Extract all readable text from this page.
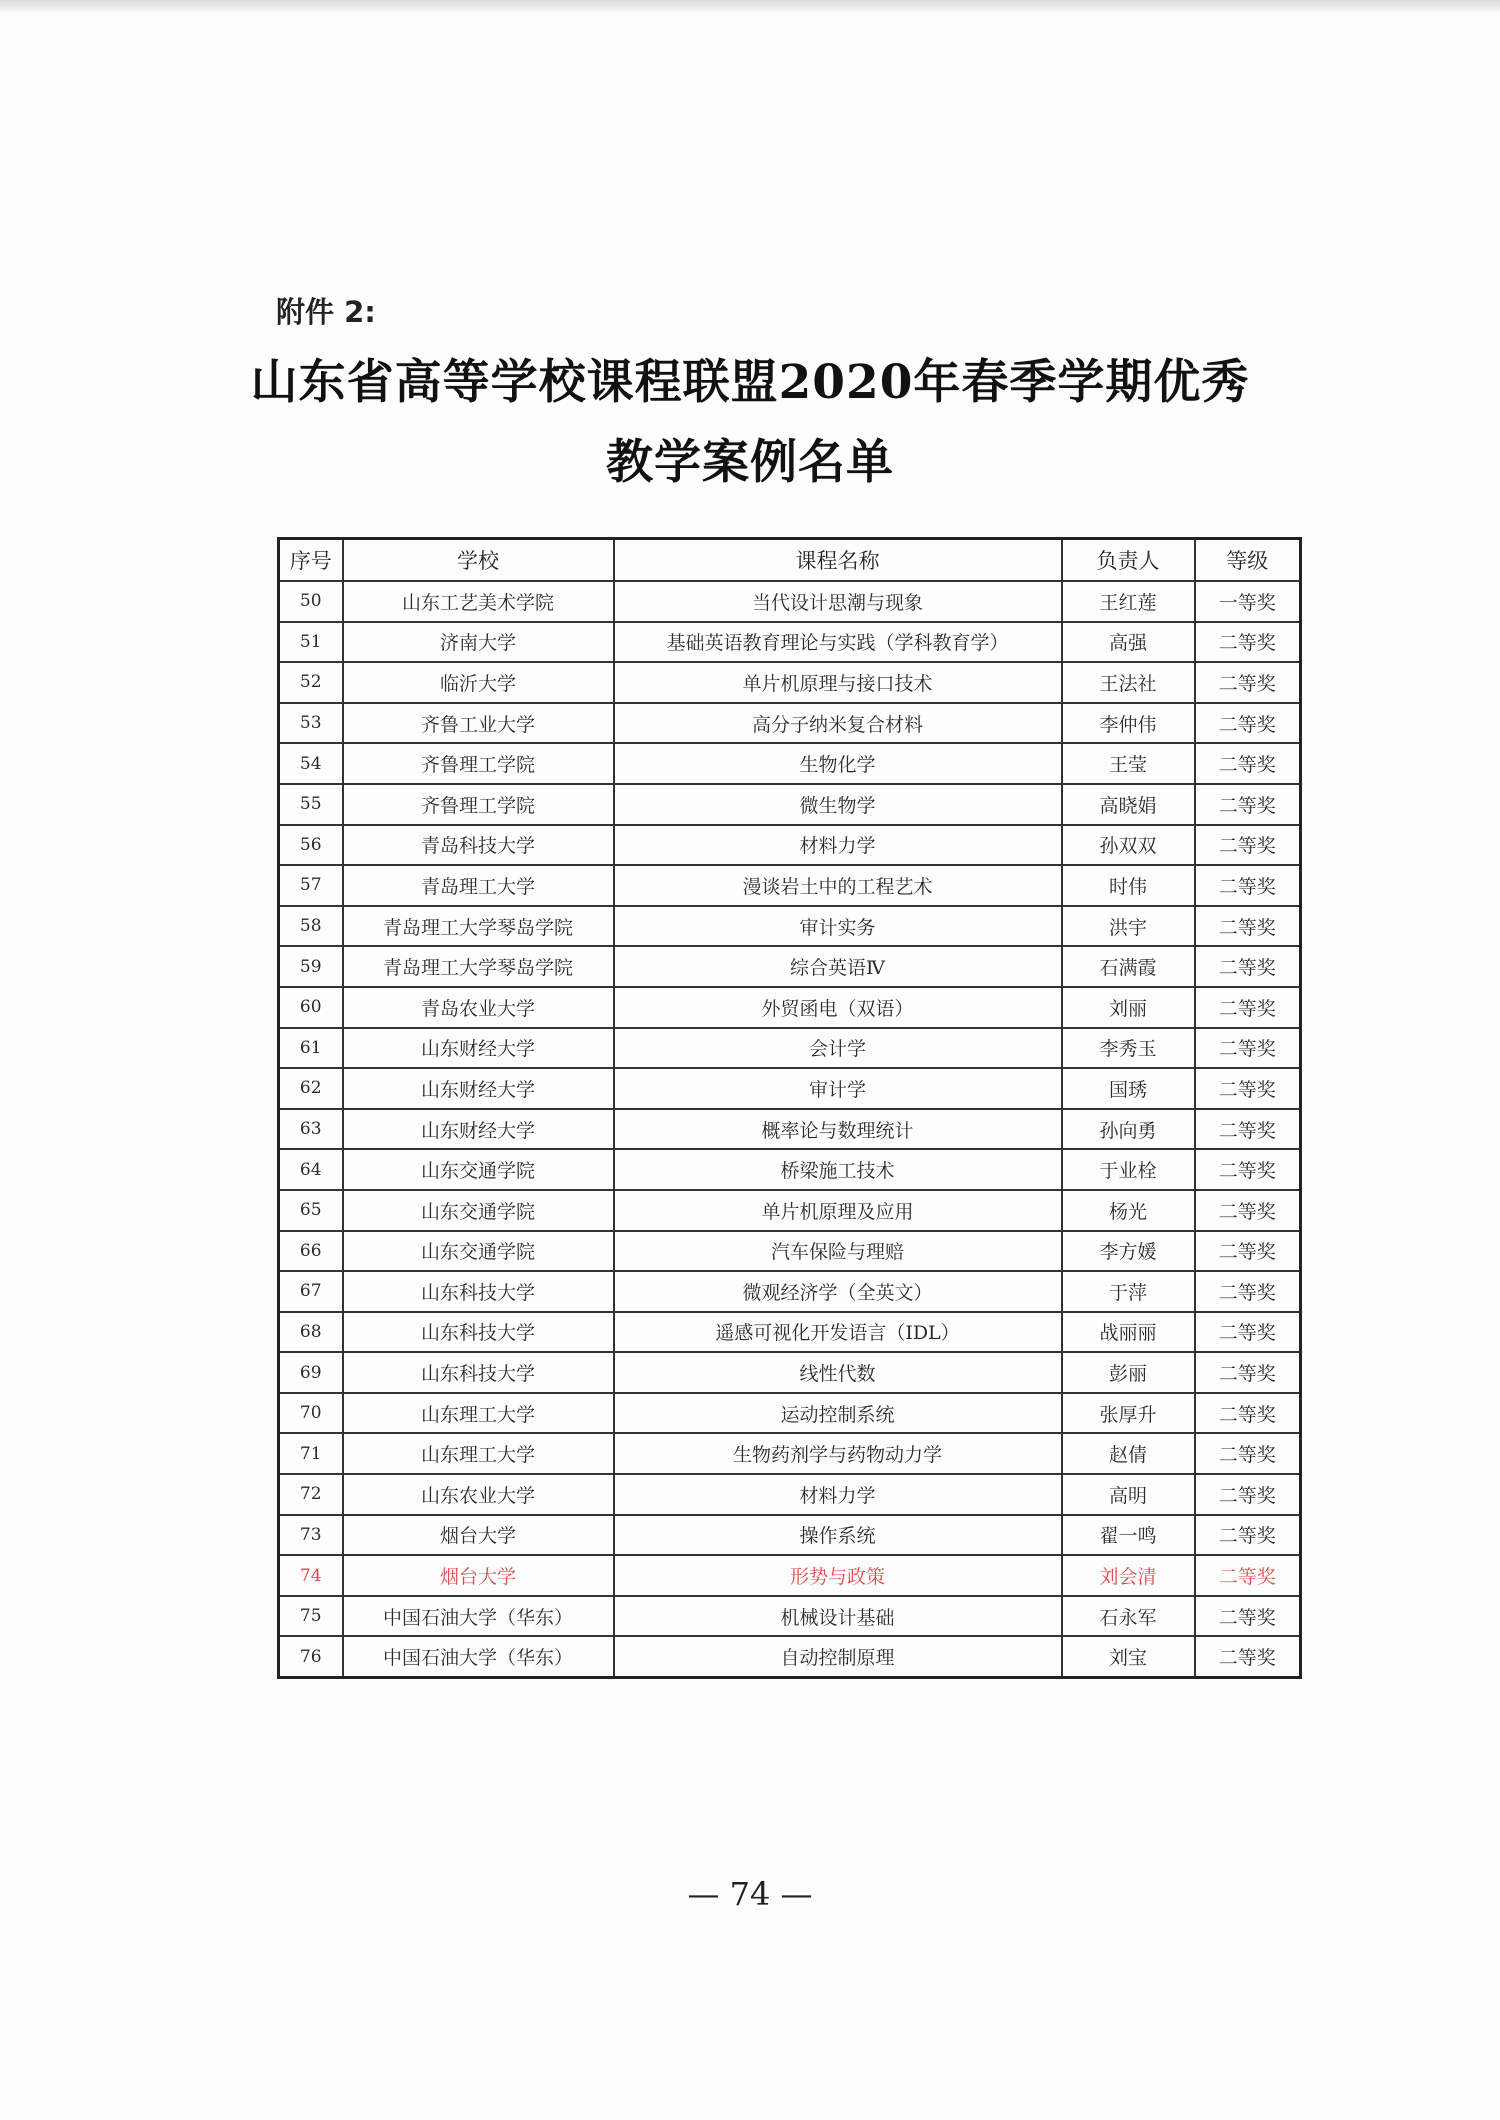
附件 2:
山东省高等学校课程联盟2020年春季学期优秀
教学案例名单
序号	学校	课程名称	负责人	等级
50	山东工艺美术学院	当代设计思潮与现象	王红莲	一等奖
51	济南大学	基础英语教育理论与实践（学科教育学）	高强	二等奖
52	临沂大学	单片机原理与接口技术	王法社	二等奖
53	齐鲁工业大学	高分子纳米复合材料	李仲伟	二等奖
54	齐鲁理工学院	生物化学	王莹	二等奖
55	齐鲁理工学院	微生物学	高晓娟	二等奖
56	青岛科技大学	材料力学	孙双双	二等奖
57	青岛理工大学	漫谈岩土中的工程艺术	时伟	二等奖
58	青岛理工大学琴岛学院	审计实务	洪宇	二等奖
59	青岛理工大学琴岛学院	综合英语Ⅳ	石满霞	二等奖
60	青岛农业大学	外贸函电（双语）	刘丽	二等奖
61	山东财经大学	会计学	李秀玉	二等奖
62	山东财经大学	审计学	国琇	二等奖
63	山东财经大学	概率论与数理统计	孙向勇	二等奖
64	山东交通学院	桥梁施工技术	于业栓	二等奖
65	山东交通学院	单片机原理及应用	杨光	二等奖
66	山东交通学院	汽车保险与理赔	李方媛	二等奖
67	山东科技大学	微观经济学（全英文）	于萍	二等奖
68	山东科技大学	遥感可视化开发语言（IDL）	战丽丽	二等奖
69	山东科技大学	线性代数	彭丽	二等奖
70	山东理工大学	运动控制系统	张厚升	二等奖
71	山东理工大学	生物药剂学与药物动力学	赵倩	二等奖
72	山东农业大学	材料力学	高明	二等奖
73	烟台大学	操作系统	翟一鸣	二等奖
74	烟台大学	形势与政策	刘会清	二等奖
75	中国石油大学（华东）	机械设计基础	石永军	二等奖
76	中国石油大学（华东）	自动控制原理	刘宝	二等奖
— 74 —
